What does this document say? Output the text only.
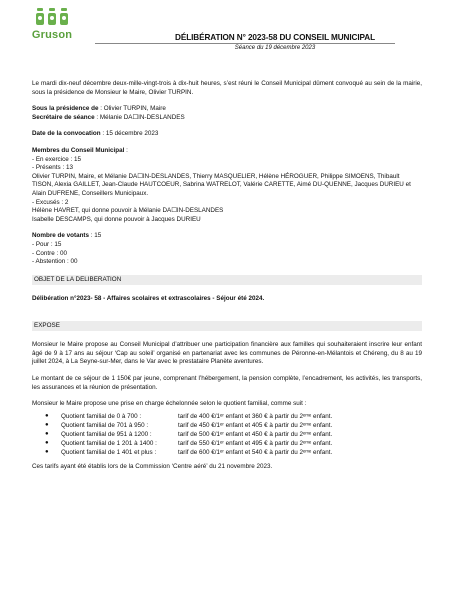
Gruson	DÉLIBÉRATION N° 2023-58 DU CONSEIL MUNICIPAL
Séance du 19 décembre 2023

Le mardi dix-neuf décembre deux-mille-vingt-trois à dix-huit heures, s’est réuni le Conseil Municipal dûment convoqué au sein de la mairie, sous la présidence de Monsieur le Maire, Olivier TURPIN.

Sous la présidence de : Olivier TURPIN, Maire

Secrétaire de séance : Mélanie DA☐IN-DESLANDES

Date de la convocation : 15 décembre 2023

Membres du Conseil Municipal :

- En exercice : 15

- Présents : 13

Olivier TURPIN, Maire, et Mélanie DA☐IN-DESLANDES, Thierry MASQUELIER, Hélène HÉROGUER, Philippe SIMOENS, Thibault TISON, Alexia GAILLET, Jean-Claude HAUTCOEUR, Sabrina WATRELOT, Valérie CARETTE, Aimé DU-QUENNE, Jacques DURIEU et Alain DUFRENE, Conseillers Municipaux.

- Excusés : 2

Hélène HAVRET, qui donne pouvoir à Mélanie DA☐IN-DESLANDES

Isabelle DESCAMPS, qui donne pouvoir à Jacques DURIEU

Nombre de votants : 15

- Pour : 15

- Contre : 00

- Abstention : 00

OBJET DE LA DELIBERATION

Délibération n°2023- 58 - Affaires scolaires et extrascolaires - Séjour été 2024.

EXPOSE

Monsieur le Maire propose au Conseil Municipal d’attribuer une participation financière aux familles qui souhaiteraient inscrire leur enfant âgé de 9 à 17 ans au séjour ‘Cap au soleil’ organisé en partenariat avec les communes de Péronne-en-Mélantois et Chéreng, du 8 au 19 juillet 2024, à La Seyne-sur-Mer, dans le Var avec le prestataire Planète aventures.

Le montant de ce séjour de 1 150€ par jeune, comprenant l’hébergement, la pension complète, l’encadrement, les activités, les transports, les assurances et la réunion de présentation.

Monsieur le Maire propose une prise en charge échelonnée selon le quotient familial, comme suit :

●	Quotient familial de 0 à 700 :	tarif de 400 €/1ᵉʳ enfant et 360 € à partir du 2ᵉᵐᵉ enfant.
●	Quotient familial de 701 à 950 :	tarif de 450 €/1ᵉʳ enfant et 405 € à partir du 2ᵉᵐᵉ enfant.
●	Quotient familial de 951 à 1200 :	tarif de 500 €/1ᵉʳ enfant et 450 € à partir du 2ᵉᵐᵉ enfant.
●	Quotient familial de 1 201 à 1400 :	tarif de 550 €/1ᵉʳ enfant et 495 € à partir du 2ᵉᵐᵉ enfant.
●	Quotient familial de 1 401 et plus :	tarif de 600 €/1ᵉʳ enfant et 540 € à partir du 2ᵉᵐᵉ enfant.

Ces tarifs ayant été établis lors de la Commission ‘Centre aéré’ du 21 novembre 2023.
